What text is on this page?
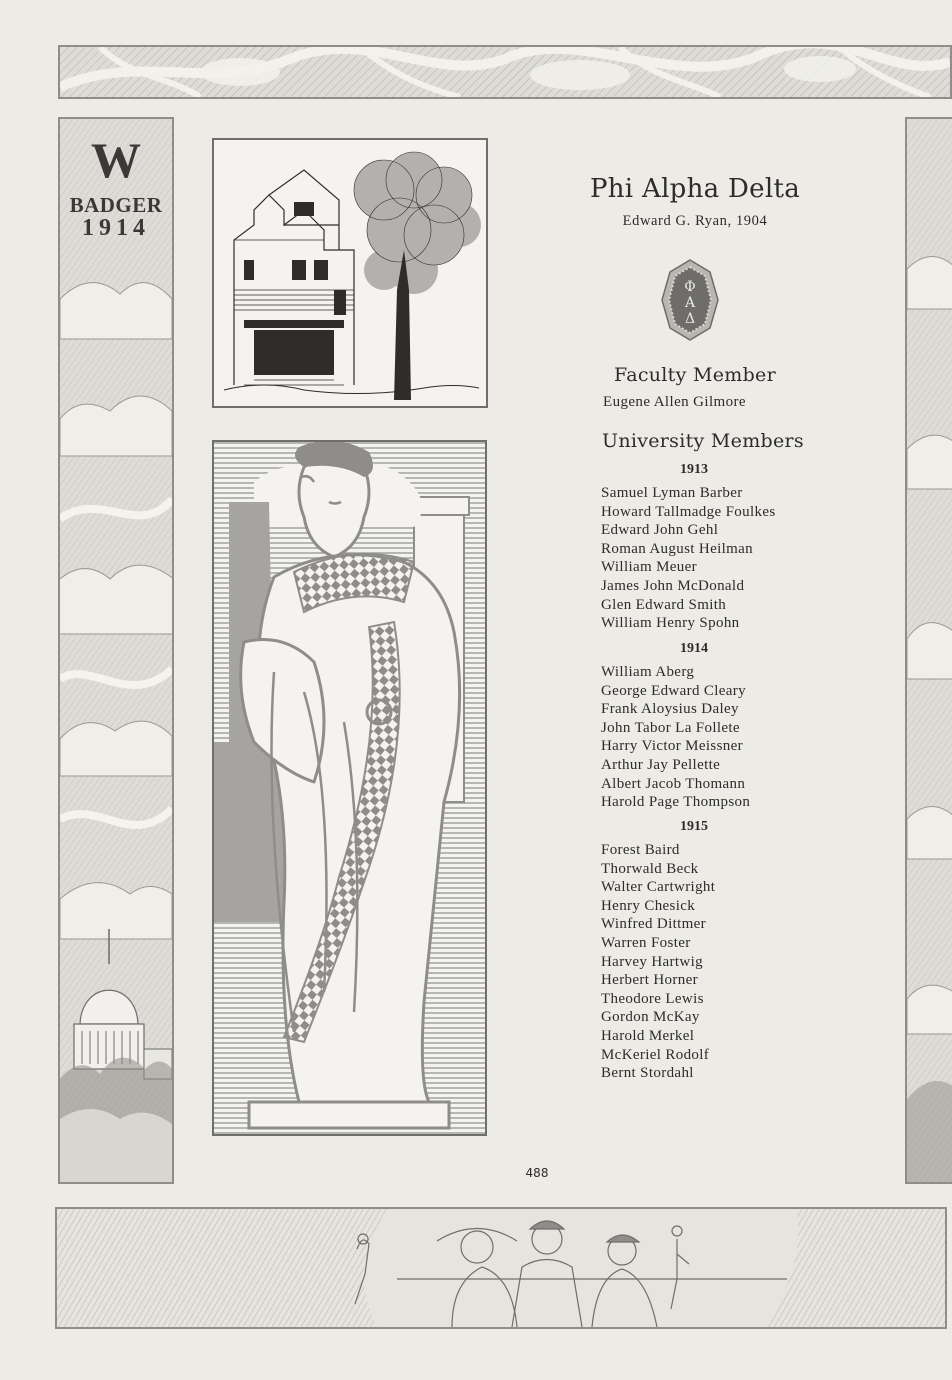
W
BADGER
1914
Phi Alpha Delta
Edward G. Ryan, 1904
Φ
Α
Δ
Faculty Member
Eugene Allen Gilmore
University Members
1913
Samuel Lyman Barber
Howard Tallmadge Foulkes
Edward John Gehl
Roman August Heilman
William Meuer
James John McDonald
Glen Edward Smith
William Henry Spohn
1914
William Aberg
George Edward Cleary
Frank Aloysius Daley
John Tabor La Follete
Harry Victor Meissner
Arthur Jay Pellette
Albert Jacob Thomann
Harold Page Thompson
1915
Forest Baird
Thorwald Beck
Walter Cartwright
Henry Chesick
Winfred Dittmer
Warren Foster
Harvey Hartwig
Herbert Horner
Theodore Lewis
Gordon McKay
Harold Merkel
McKeriel Rodolf
Bernt Stordahl
488
